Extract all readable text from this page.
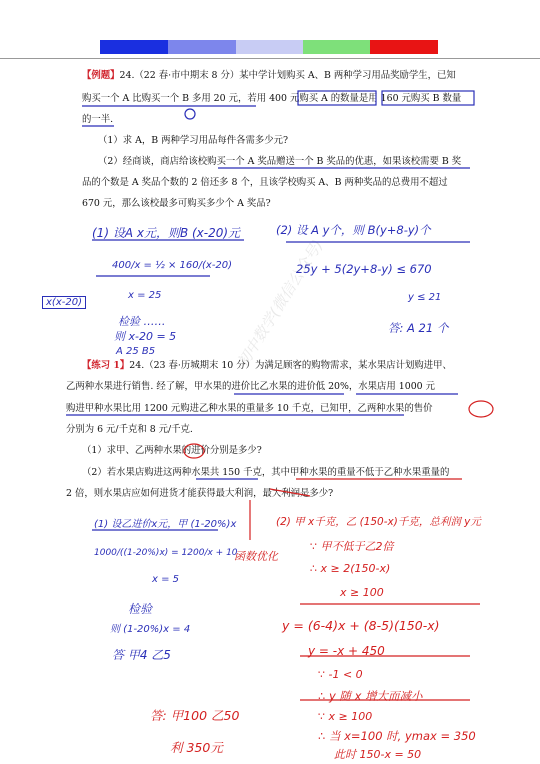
【例题】24.（22 春·市中期末 8 分）某中学计划购买 A、B 两种学习用品奖励学生，已知
购买一个 A 比购买一个 B 多用 20 元，若用 400 元购买 A 的数量是用 160 元购买 B 数量
的一半.
（1）求 A，B 两种学习用品每件各需多少元?
（2）经商谈，商店给该校购买一个 A 奖品赠送一个 B 奖品的优惠，如果该校需要 B 奖
品的个数是 A 奖品个数的 2 倍还多 8 个，且该学校购买 A、B 两种奖品的总费用不超过
670 元，那么该校最多可购买多少个 A 奖品?
(1) 设A x元，则B (x-20)元
400/x = ½ × 160/(x-20)
x = 25
x(x-20)
检验 ……
则 x-20 = 5
A 25 B5
(2) 设 A y个，则 B(y+8-y)个
25y + 5(2y+8-y) ≤ 670
y ≤ 21
答: A 21 个
【练习 1】24.（23 春·历城期末 10 分）为满足顾客的购物需求，某水果店计划购进甲、
乙两种水果进行销售. 经了解，甲水果的进价比乙水果的进价低 20%，水果店用 1000 元
购进甲种水果比用 1200 元购进乙种水果的重量多 10 千克，已知甲，乙两种水果的售价
分别为 6 元/千克和 8 元/千克.
（1）求甲、乙两种水果的进价分别是多少?
（2）若水果店购进这两种水果共 150 千克，其中甲种水果的重量不低于乙种水果重量的
2 倍，则水果店应如何进货才能获得最大利润，最大利润是多少?
(1) 设乙进价x元，甲 (1-20%)x
1000/((1-20%)x) = 1200/x + 10
x = 5
检验
则 (1-20%)x = 4
答 甲4 乙5
函数优化
(2) 甲 x千克，乙 (150-x)千克，总利润 y元
∵ 甲不低于乙2倍
∴ x ≥ 2(150-x)
x ≥ 100
y = (6-4)x + (8-5)(150-x)
y = -x + 450
∵ -1 < 0
∴ y 随 x 增大而减小
∵ x ≥ 100
∴ 当 x=100 时, ymax = 350
此时 150-x = 50
答: 甲100 乙50
利 350元
初中数学(微信公众号)
